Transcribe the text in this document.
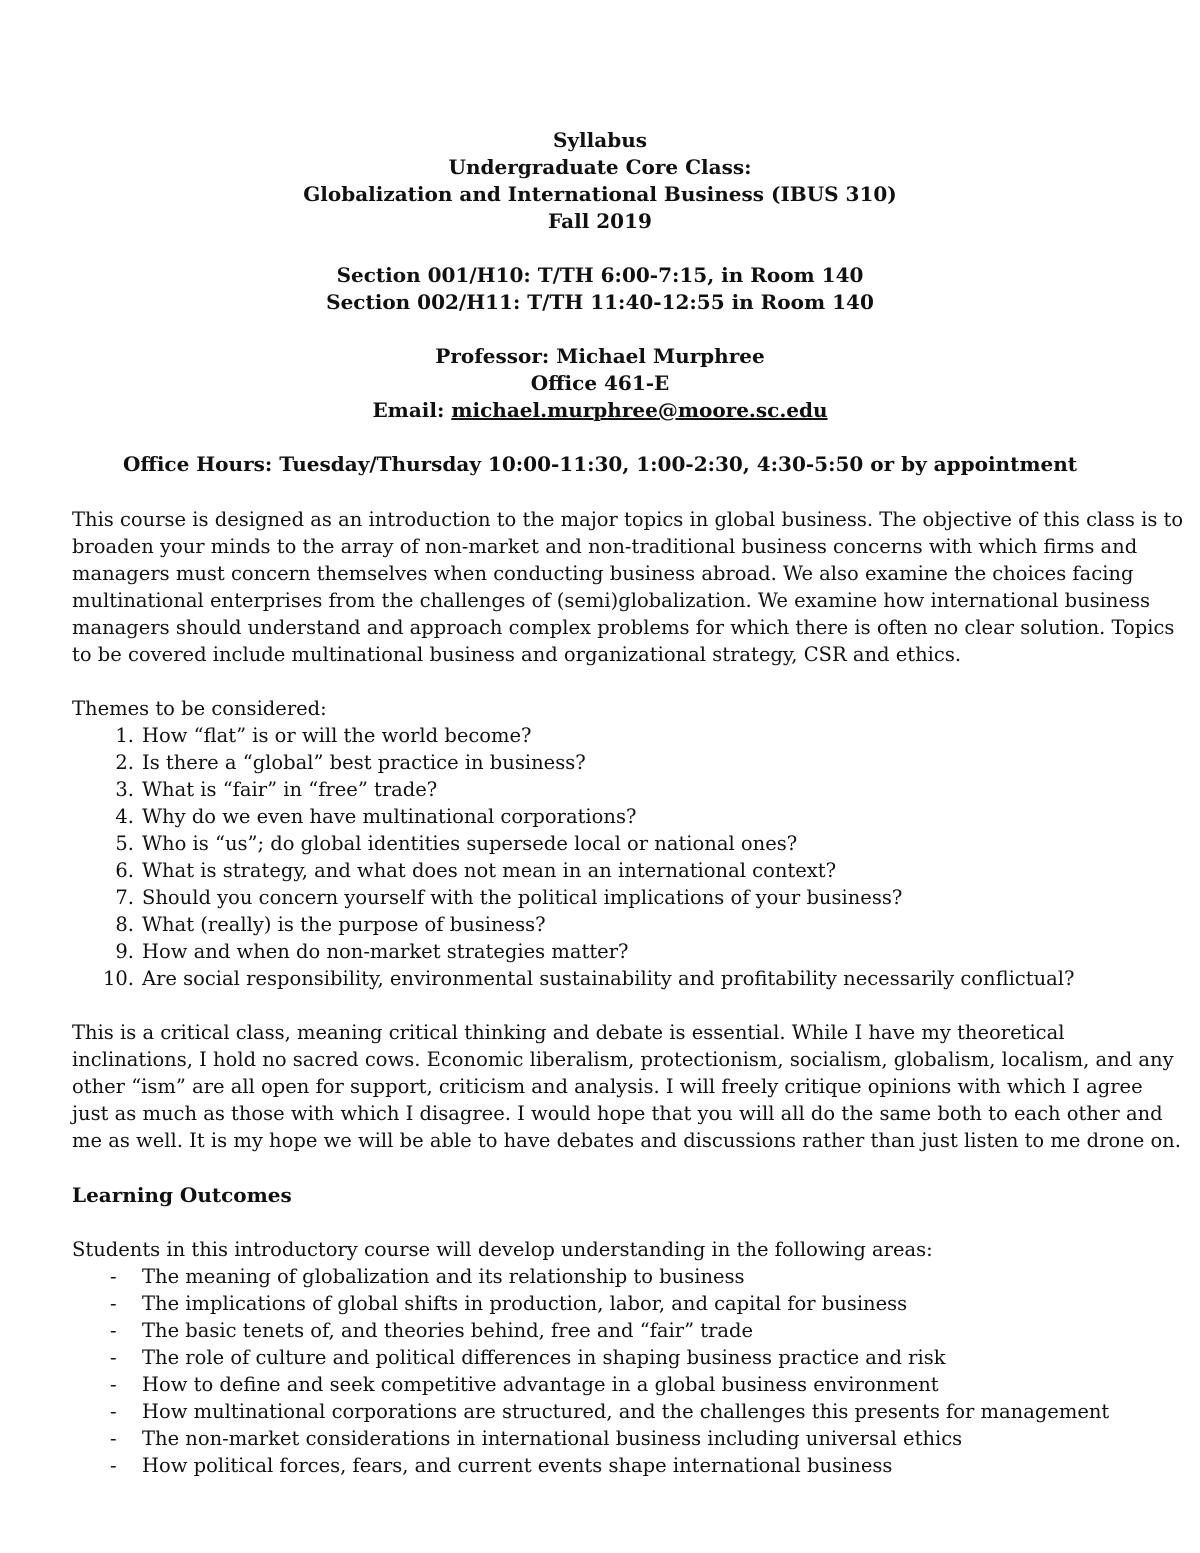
Syllabus
Undergraduate Core Class:
Globalization and International Business (IBUS 310)
Fall 2019
Section 001/H10: T/TH 6:00-7:15, in Room 140
Section 002/H11: T/TH 11:40-12:55 in Room 140
Professor: Michael Murphree
Office 461-E
Email: michael.murphree@moore.sc.edu
Office Hours: Tuesday/Thursday 10:00-11:30, 1:00-2:30, 4:30-5:50 or by appointment
This course is designed as an introduction to the major topics in global business. The objective of this class is to
broaden your minds to the array of non-market and non-traditional business concerns with which firms and
managers must concern themselves when conducting business abroad. We also examine the choices facing
multinational enterprises from the challenges of (semi)globalization. We examine how international business
managers should understand and approach complex problems for which there is often no clear solution. Topics
to be covered include multinational business and organizational strategy, CSR and ethics.
Themes to be considered:
1. How “flat” is or will the world become?
2. Is there a “global” best practice in business?
3. What is “fair” in “free” trade?
4. Why do we even have multinational corporations?
5. Who is “us”; do global identities supersede local or national ones?
6. What is strategy, and what does not mean in an international context?
7. Should you concern yourself with the political implications of your business?
8. What (really) is the purpose of business?
9. How and when do non-market strategies matter?
10. Are social responsibility, environmental sustainability and profitability necessarily conflictual?
This is a critical class, meaning critical thinking and debate is essential. While I have my theoretical
inclinations, I hold no sacred cows. Economic liberalism, protectionism, socialism, globalism, localism, and any
other “ism” are all open for support, criticism and analysis. I will freely critique opinions with which I agree
just as much as those with which I disagree. I would hope that you will all do the same both to each other and
me as well. It is my hope we will be able to have debates and discussions rather than just listen to me drone on.
Learning Outcomes
Students in this introductory course will develop understanding in the following areas:
- The meaning of globalization and its relationship to business
- The implications of global shifts in production, labor, and capital for business
- The basic tenets of, and theories behind, free and “fair” trade
- The role of culture and political differences in shaping business practice and risk
- How to define and seek competitive advantage in a global business environment
- How multinational corporations are structured, and the challenges this presents for management
- The non-market considerations in international business including universal ethics
- How political forces, fears, and current events shape international business
